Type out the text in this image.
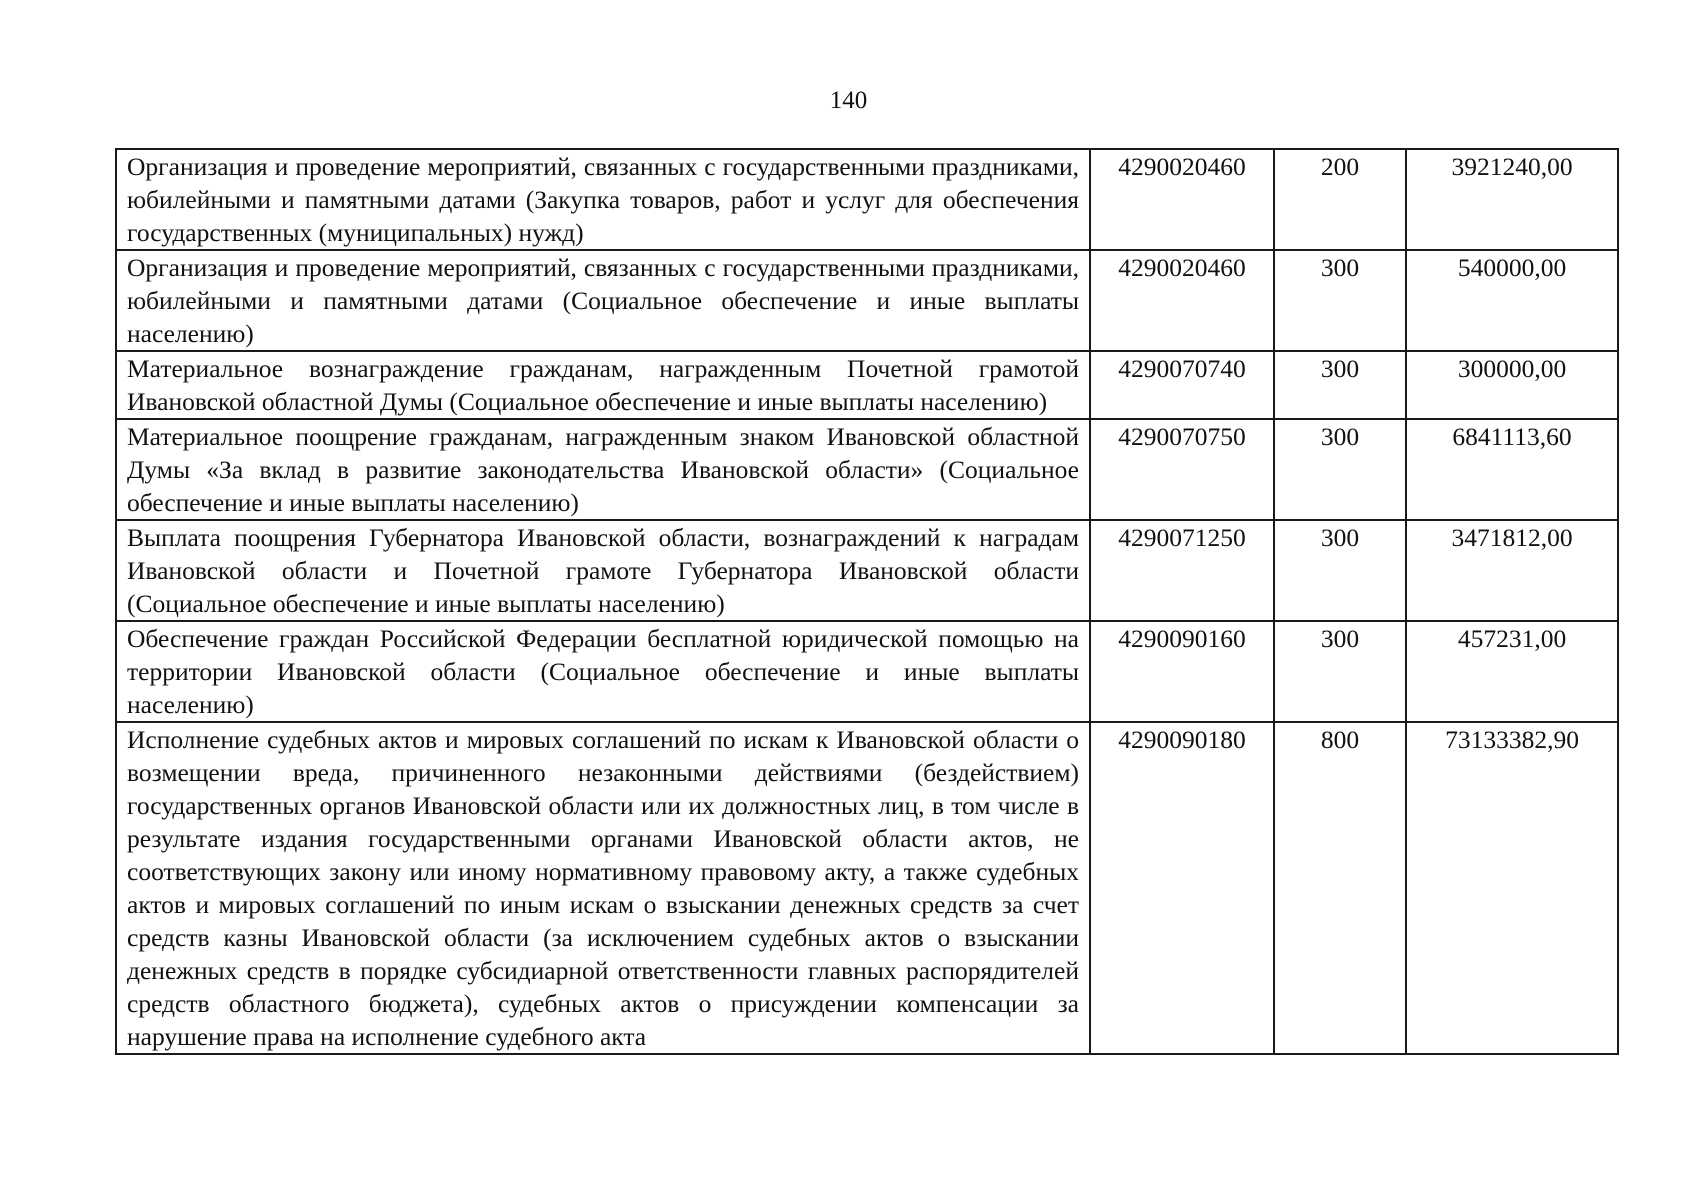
140
Организация и проведение мероприятий, связанных с государственными праздниками, юбилейными и памятными датами (Закупка товаров, работ и услуг для обеспечения государственных (муниципальных) нужд)	4290020460	200	3921240,00
Организация и проведение мероприятий, связанных с государственными праздниками, юбилейными и памятными датами (Социальное обеспечение и иные выплаты населению)	4290020460	300	540000,00
Материальное вознаграждение гражданам, награжденным Почетной грамотой Ивановской областной Думы (Социальное обеспечение и иные выплаты населению)	4290070740	300	300000,00
Материальное поощрение гражданам, награжденным знаком Ивановской областной Думы «За вклад в развитие законодательства Ивановской области» (Социальное обеспечение и иные выплаты населению)	4290070750	300	6841113,60
Выплата поощрения Губернатора Ивановской области, вознаграждений к наградам Ивановской области и Почетной грамоте Губернатора Ивановской области (Социальное обеспечение и иные выплаты населению)	4290071250	300	3471812,00
Обеспечение граждан Российской Федерации бесплатной юридической помощью на территории Ивановской области (Социальное обеспечение и иные выплаты населению)	4290090160	300	457231,00
Исполнение судебных актов и мировых соглашений по искам к Ивановской области о возмещении вреда, причиненного незаконными действиями (бездействием) государственных органов Ивановской области или их должностных лиц, в том числе в результате издания государственными органами Ивановской области актов, не соответствующих закону или иному нормативному правовому акту, а также судебных актов и мировых соглашений по иным искам о взыскании денежных средств за счет средств казны Ивановской области (за исключением судебных актов о взыскании денежных средств в порядке субсидиарной ответственности главных распорядителей средств областного бюджета), судебных актов о присуждении компенсации за нарушение права на исполнение судебного акта	4290090180	800	73133382,90
